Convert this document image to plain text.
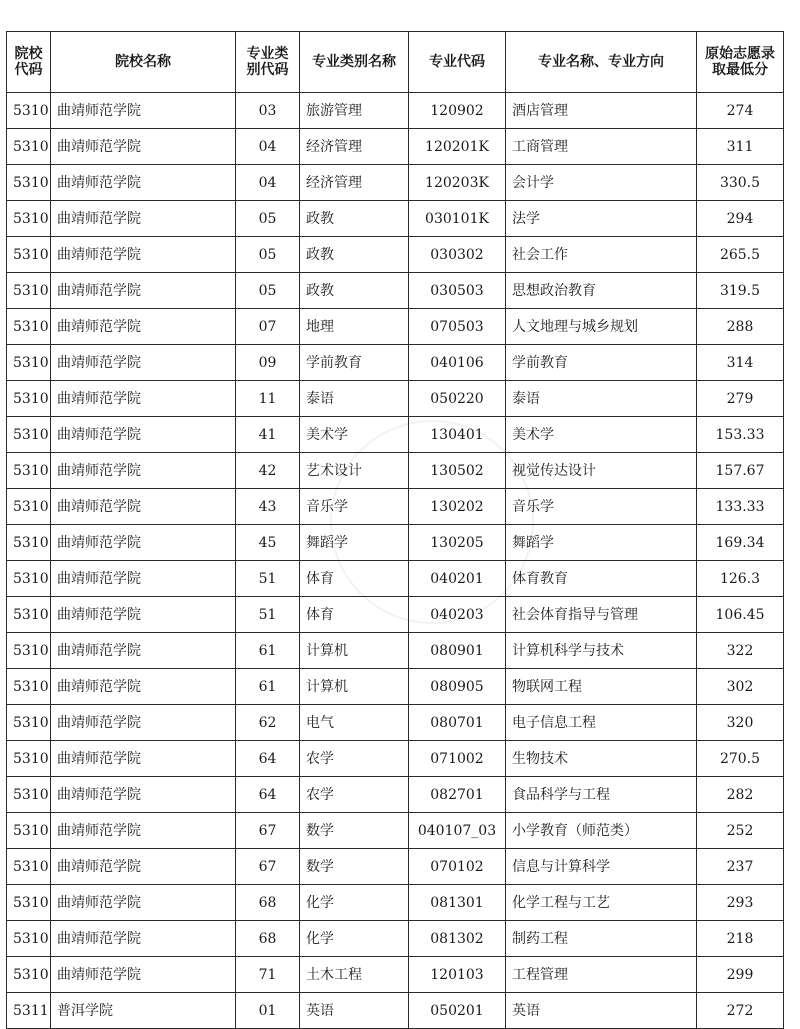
院校代码	院校名称	专业类别代码	专业类别名称	专业代码	专业名称、专业方向	原始志愿录取最低分
5310	曲靖师范学院	03	旅游管理	120902	酒店管理	274
5310	曲靖师范学院	04	经济管理	120201K	工商管理	311
5310	曲靖师范学院	04	经济管理	120203K	会计学	330.5
5310	曲靖师范学院	05	政教	030101K	法学	294
5310	曲靖师范学院	05	政教	030302	社会工作	265.5
5310	曲靖师范学院	05	政教	030503	思想政治教育	319.5
5310	曲靖师范学院	07	地理	070503	人文地理与城乡规划	288
5310	曲靖师范学院	09	学前教育	040106	学前教育	314
5310	曲靖师范学院	11	泰语	050220	泰语	279
5310	曲靖师范学院	41	美术学	130401	美术学	153.33
5310	曲靖师范学院	42	艺术设计	130502	视觉传达设计	157.67
5310	曲靖师范学院	43	音乐学	130202	音乐学	133.33
5310	曲靖师范学院	45	舞蹈学	130205	舞蹈学	169.34
5310	曲靖师范学院	51	体育	040201	体育教育	126.3
5310	曲靖师范学院	51	体育	040203	社会体育指导与管理	106.45
5310	曲靖师范学院	61	计算机	080901	计算机科学与技术	322
5310	曲靖师范学院	61	计算机	080905	物联网工程	302
5310	曲靖师范学院	62	电气	080701	电子信息工程	320
5310	曲靖师范学院	64	农学	071002	生物技术	270.5
5310	曲靖师范学院	64	农学	082701	食品科学与工程	282
5310	曲靖师范学院	67	数学	040107_03	小学教育（师范类）	252
5310	曲靖师范学院	67	数学	070102	信息与计算科学	237
5310	曲靖师范学院	68	化学	081301	化学工程与工艺	293
5310	曲靖师范学院	68	化学	081302	制药工程	218
5310	曲靖师范学院	71	土木工程	120103	工程管理	299
5311	普洱学院	01	英语	050201	英语	272
